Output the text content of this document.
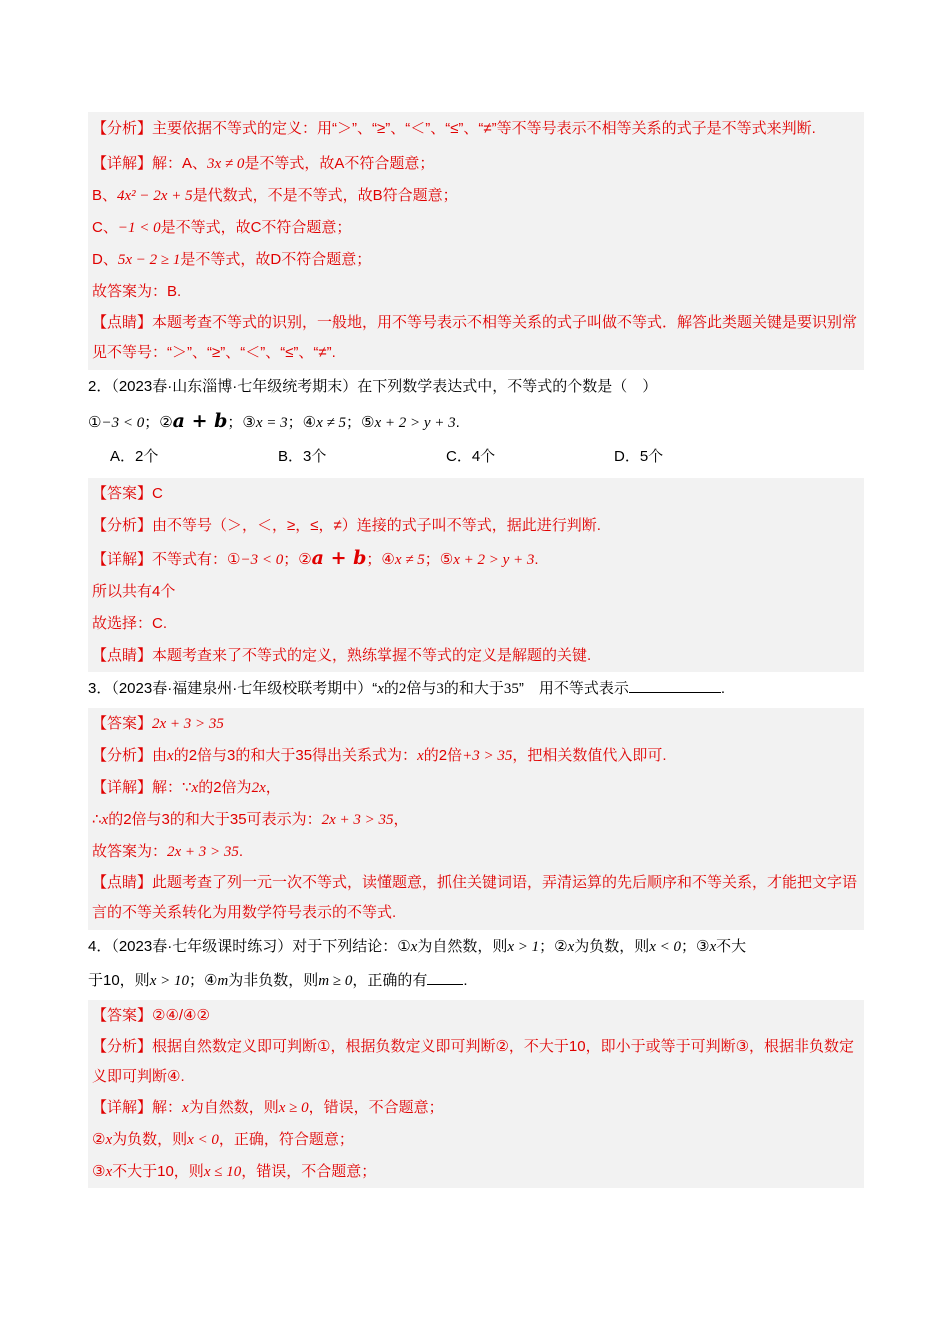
【分析】主要依据不等式的定义：用“＞”、“≥”、“＜”、“≤”、“≠”等不等号表示不相等关系的式子是不等式来判断.
【详解】解：A、3x ≠ 0是不等式，故A不符合题意；
B、4x² − 2x + 5是代数式，不是不等式，故B符合题意；
C、−1 < 0是不等式，故C不符合题意；
D、5x − 2 ≥ 1是不等式，故D不符合题意；
故答案为：B.
【点睛】本题考查不等式的识别，一般地，用不等号表示不相等关系的式子叫做不等式．解答此类题关键是要识别常见不等号：“＞”、“≥”、“＜”、“≤”、“≠”.
2．（2023春·山东淄博·七年级统考期末）在下列数学表达式中，不等式的个数是（　）
①−3 < 0；②a + b；③x = 3；④x ≠ 5；⑤x + 2 > y + 3.
A．2个	B．3个	C．4个	D．5个
【答案】C
【分析】由不等号（＞，＜，≥，≤，≠）连接的式子叫不等式，据此进行判断.
【详解】不等式有：①−3 < 0；②a + b；④x ≠ 5；⑤x + 2 > y + 3.
所以共有4个
故选择：C.
【点睛】本题考查来了不等式的定义，熟练掌握不等式的定义是解题的关键.
3．（2023春·福建泉州·七年级校联考期中）“x的2倍与3的和大于35”　用不等式表示	.
【答案】2x + 3 > 35
【分析】由x的2倍与3的和大于35得出关系式为：x的2倍+3 > 35，把相关数值代入即可.
【详解】解：∵x的2倍为2x，
∴x的2倍与3的和大于35可表示为：2x + 3 > 35，
故答案为：2x + 3 > 35.
【点睛】此题考查了列一元一次不等式，读懂题意，抓住关键词语，弄清运算的先后顺序和不等关系，才能把文字语言的不等关系转化为用数学符号表示的不等式.
4．（2023春·七年级课时练习）对于下列结论：①x为自然数，则x > 1；②x为负数，则x < 0；③x不大
于10，则x > 10；④m为非负数，则m ≥ 0，正确的有 .
【答案】②④/④②
【分析】根据自然数定义即可判断①，根据负数定义即可判断②，不大于10，即小于或等于可判断③，根据非负数定义即可判断④.
【详解】解：x为自然数，则x ≥ 0，错误，不合题意；
②x为负数，则x < 0，正确，符合题意；
③x不大于10，则x ≤ 10，错误，不合题意；
